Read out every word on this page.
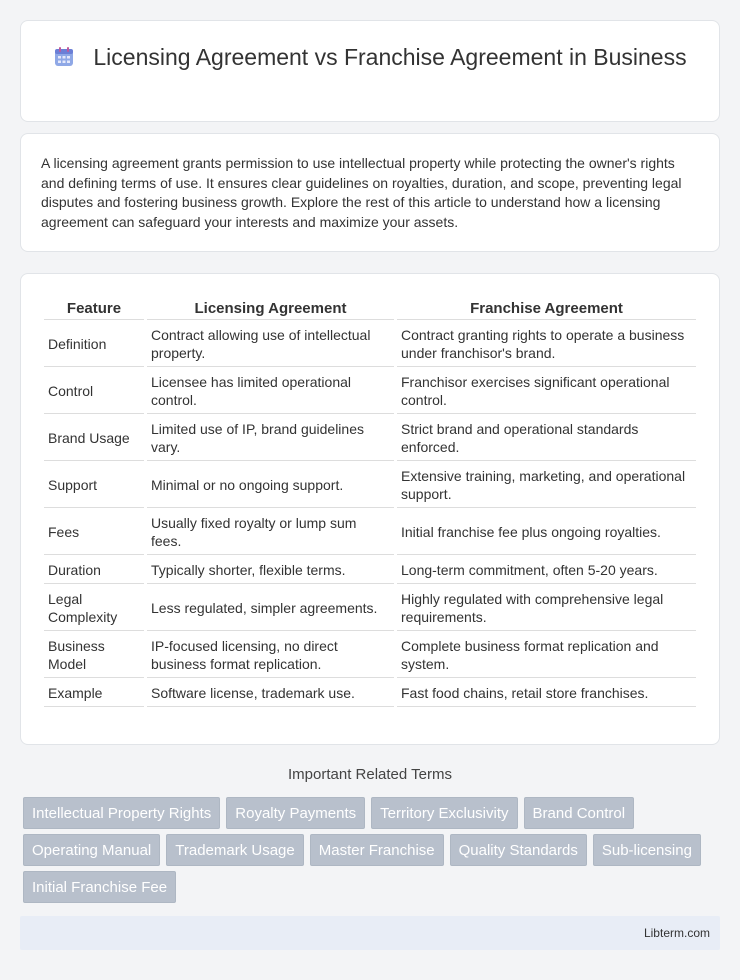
Licensing Agreement vs Franchise Agreement in Business

A licensing agreement grants permission to use intellectual property while protecting the owner's rights and defining terms of use. It ensures clear guidelines on royalties, duration, and scope, preventing legal disputes and fostering business growth. Explore the rest of this article to understand how a licensing agreement can safeguard your interests and maximize your assets.

Feature	Licensing Agreement	Franchise Agreement
Definition	Contract allowing use of intellectual property.	Contract granting rights to operate a business under franchisor's brand.
Control	Licensee has limited operational control.	Franchisor exercises significant operational control.
Brand Usage	Limited use of IP, brand guidelines vary.	Strict brand and operational standards enforced.
Support	Minimal or no ongoing support.	Extensive training, marketing, and operational support.
Fees	Usually fixed royalty or lump sum fees.	Initial franchise fee plus ongoing royalties.
Duration	Typically shorter, flexible terms.	Long-term commitment, often 5-20 years.
Legal Complexity	Less regulated, simpler agreements.	Highly regulated with comprehensive legal requirements.
Business Model	IP-focused licensing, no direct business format replication.	Complete business format replication and system.
Example	Software license, trademark use.	Fast food chains, retail store franchises.
Important Related Terms
Intellectual Property Rights	Royalty Payments	Territory Exclusivity	Brand Control
Operating Manual	Trademark Usage	Master Franchise	Quality Standards	Sub-licensing
Initial Franchise Fee
Libterm.com
